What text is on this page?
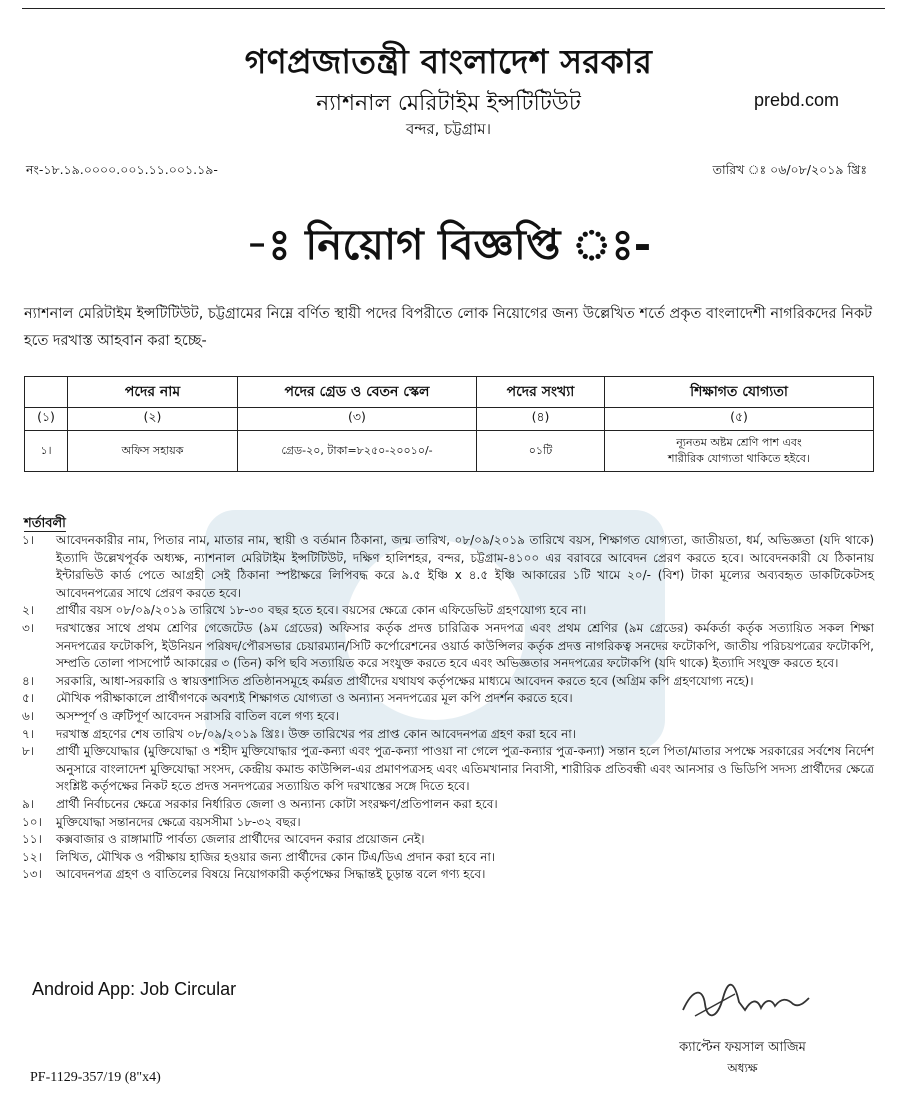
গণপ্রজাতন্ত্রী বাংলাদেশ সরকার
ন্যাশনাল মেরিটাইম ইন্সটিটিউট
বন্দর, চট্টগ্রাম।
prebd.com
নং-১৮.১৯.০০০০.০০১.১১.০০১.১৯-	তারিখ ঃ ০৬/০৮/২০১৯ খ্রিঃ
-ঃ নিয়োগ বিজ্ঞপ্তি ঃ-
ন্যাশনাল মেরিটাইম ইন্সটিটিউট, চট্টগ্রামের নিম্নে বর্ণিত স্থায়ী পদের বিপরীতে লোক নিয়োগের জন্য উল্লেখিত শর্তে প্রকৃত বাংলাদেশী নাগরিকদের নিকট হতে দরখাস্ত আহবান করা হচ্ছে-
	পদের নাম	পদের গ্রেড ও বেতন স্কেল	পদের সংখ্যা	শিক্ষাগত যোগ্যতা
(১)	(২)	(৩)	(৪)	(৫)
১।	অফিস সহায়ক	গ্রেড-২০, টাকা=৮২৫০-২০০১০/-	০১টি	ন্যূনতম অষ্টম শ্রেণি পাশ এবং
শারীরিক যোগ্যতা থাকিতে হইবে।
শর্তাবলী
১।	আবেদনকারীর নাম, পিতার নাম, মাতার নাম, স্থায়ী ও বর্তমান ঠিকানা, জন্ম তারিখ, ০৮/০৯/২০১৯ তারিখে বয়স, শিক্ষাগত যোগ্যতা, জাতীয়তা, ধর্ম, অভিজ্ঞতা (যদি থাকে) ইত্যাদি উল্লেখপূর্বক অধ্যক্ষ, ন্যাশনাল মেরিটাইম ইন্সটিটিউট, দক্ষিণ হালিশহর, বন্দর, চট্টগ্রাম-৪১০০ এর বরাবরে আবেদন প্রেরণ করতে হবে। আবেদনকারী যে ঠিকানায় ইন্টারভিউ কার্ড পেতে আগ্রহী সেই ঠিকানা স্পষ্টাক্ষরে লিপিবদ্ধ করে ৯.৫ ইঞ্চি x ৪.৫ ইঞ্চি আকারের ১টি খামে ২০/- (বিশ) টাকা মূল্যের অব্যবহৃত ডাকটিকেটসহ আবেদনপত্রের সাথে প্রেরণ করতে হবে।
২।	প্রার্থীর বয়স ০৮/০৯/২০১৯ তারিখে ১৮-৩০ বছর হতে হবে। বয়সের ক্ষেত্রে কোন এফিডেভিট গ্রহণযোগ্য হবে না।
৩।	দরখাস্তের সাথে প্রথম শ্রেণির গেজেটেড (৯ম গ্রেডের) অফিসার কর্তৃক প্রদত্ত চারিত্রিক সনদপত্র এবং প্রথম শ্রেণির (৯ম গ্রেডের) কর্মকর্তা কর্তৃক সত্যায়িত সকল শিক্ষা সনদপত্রের ফটোকপি, ইউনিয়ন পরিষদ/পৌরসভার চেয়ারম্যান/সিটি কর্পোরেশনের ওয়ার্ড কাউন্সিলর কর্তৃক প্রদত্ত নাগরিকত্ব সনদের ফটোকপি, জাতীয় পরিচয়পত্রের ফটোকপি, সম্প্রতি তোলা পাসপোর্ট আকারের ৩ (তিন) কপি ছবি সত্যায়িত করে সংযুক্ত করতে হবে এবং অভিজ্ঞতার সনদপত্রের ফটোকপি (যদি থাকে) ইত্যাদি সংযুক্ত করতে হবে।
৪।	সরকারি, আধা-সরকারি ও স্বায়ত্তশাসিত প্রতিষ্ঠানসমূহে কর্মরত প্রার্থীদের যথাযথ কর্তৃপক্ষের মাধ্যমে আবেদন করতে হবে (অগ্রিম কপি গ্রহণযোগ্য নহে)।
৫।	মৌখিক পরীক্ষাকালে প্রার্থীগণকে অবশ্যই শিক্ষাগত যোগ্যতা ও অন্যান্য সনদপত্রের মূল কপি প্রদর্শন করতে হবে।
৬।	অসম্পূর্ণ ও ত্রুটিপূর্ণ আবেদন সরাসরি বাতিল বলে গণ্য হবে।
৭।	দরখাস্ত গ্রহণের শেষ তারিখ ০৮/০৯/২০১৯ খ্রিঃ। উক্ত তারিখের পর প্রাপ্ত কোন আবেদনপত্র গ্রহণ করা হবে না।
৮।	প্রার্থী মুক্তিযোদ্ধার (মুক্তিযোদ্ধা ও শহীদ মুক্তিযোদ্ধার পুত্র-কন্যা এবং পুত্র-কন্যা পাওয়া না গেলে পুত্র-কন্যার পুত্র-কন্যা) সন্তান হলে পিতা/মাতার সপক্ষে সরকারের সর্বশেষ নির্দেশ অনুসারে বাংলাদেশ মুক্তিযোদ্ধা সংসদ, কেন্দ্রীয় কমান্ড কাউন্সিল-এর প্রমাণপত্রসহ এবং এতিমখানার নিবাসী, শারীরিক প্রতিবন্ধী এবং আনসার ও ভিডিপি সদস্য প্রার্থীদের ক্ষেত্রে সংশ্লিষ্ট কর্তৃপক্ষের নিকট হতে প্রদত্ত সনদপত্রের সত্যায়িত কপি দরখাস্তের সঙ্গে দিতে হবে।
৯।	প্রার্থী নির্বাচনের ক্ষেত্রে সরকার নির্ধারিত জেলা ও অন্যান্য কোটা সংরক্ষণ/প্রতিপালন করা হবে।
১০।	মুক্তিযোদ্ধা সন্তানদের ক্ষেত্রে বয়সসীমা ১৮-৩২ বছর।
১১।	কক্সবাজার ও রাঙ্গামাটি পার্বত্য জেলার প্রার্থীদের আবেদন করার প্রয়োজন নেই।
১২।	লিখিত, মৌখিক ও পরীক্ষায় হাজির হওয়ার জন্য প্রার্থীদের কোন টিএ/ডিএ প্রদান করা হবে না।
১৩।	আবেদনপত্র গ্রহণ ও বাতিলের বিষয়ে নিয়োগকারী কর্তৃপক্ষের সিদ্ধান্তই চূড়ান্ত বলে গণ্য হবে।
Android App: Job Circular
ক্যাপ্টেন ফয়সাল আজিম
অধ্যক্ষ
PF-1129-357/19 (8"x4)
